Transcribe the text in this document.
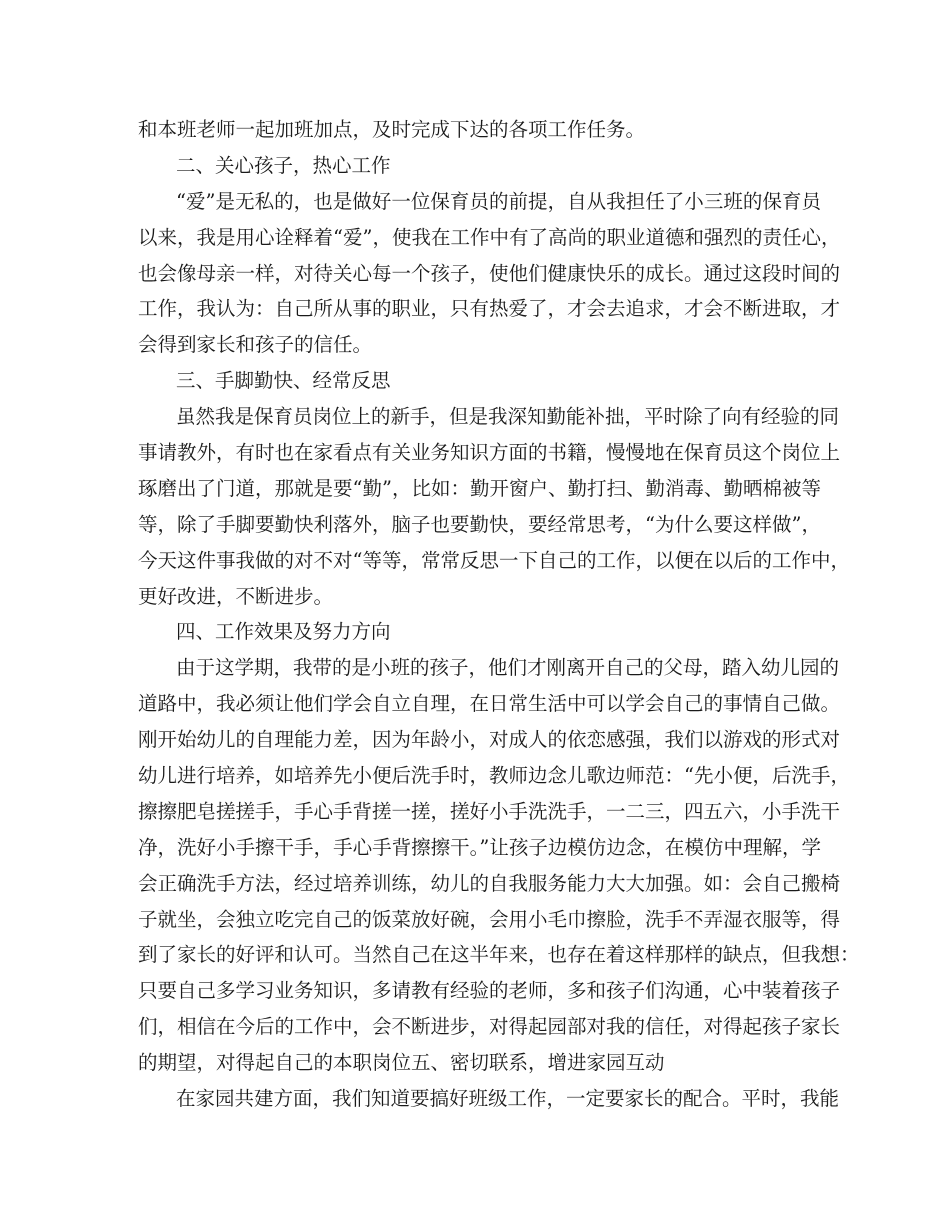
和本班老师一起加班加点，及时完成下达的各项工作任务。
二、关心孩子，热心工作
“爱”是无私的，也是做好一位保育员的前提，自从我担任了小三班的保育员
以来，我是用心诠释着“爱”，使我在工作中有了高尚的职业道德和强烈的责任心，
也会像母亲一样，对待关心每一个孩子，使他们健康快乐的成长。通过这段时间的
工作，我认为：自己所从事的职业，只有热爱了，才会去追求，才会不断进取，才
会得到家长和孩子的信任。
三、手脚勤快、经常反思
虽然我是保育员岗位上的新手，但是我深知勤能补拙，平时除了向有经验的同
事请教外，有时也在家看点有关业务知识方面的书籍，慢慢地在保育员这个岗位上
琢磨出了门道，那就是要“勤”，比如：勤开窗户、勤打扫、勤消毒、勤晒棉被等
等，除了手脚要勤快利落外，脑子也要勤快，要经常思考，“为什么要这样做”，
今天这件事我做的对不对“等等，常常反思一下自己的工作，以便在以后的工作中，
更好改进，不断进步。
四、工作效果及努力方向
由于这学期，我带的是小班的孩子，他们才刚离开自己的父母，踏入幼儿园的
道路中，我必须让他们学会自立自理，在日常生活中可以学会自己的事情自己做。
刚开始幼儿的自理能力差，因为年龄小，对成人的依恋感强，我们以游戏的形式对
幼儿进行培养，如培养先小便后洗手时，教师边念儿歌边师范：“先小便，后洗手，
擦擦肥皂搓搓手，手心手背搓一搓，搓好小手洗洗手，一二三，四五六，小手洗干
净，洗好小手擦干手，手心手背擦擦干。”让孩子边模仿边念，在模仿中理解，学
会正确洗手方法，经过培养训练，幼儿的自我服务能力大大加强。如：会自己搬椅
子就坐，会独立吃完自己的饭菜放好碗，会用小毛巾擦脸，洗手不弄湿衣服等，得
到了家长的好评和认可。当然自己在这半年来，也存在着这样那样的缺点，但我想：
只要自己多学习业务知识，多请教有经验的老师，多和孩子们沟通，心中装着孩子
们，相信在今后的工作中，会不断进步，对得起园部对我的信任，对得起孩子家长
的期望，对得起自己的本职岗位五、密切联系，增进家园互动
在家园共建方面，我们知道要搞好班级工作，一定要家长的配合。平时，我能
